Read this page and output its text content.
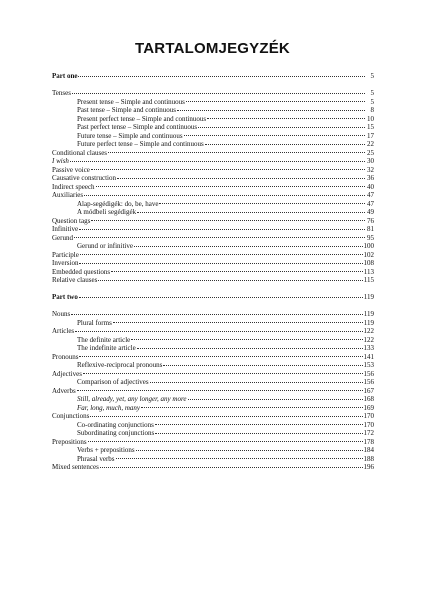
TARTALOMJEGYZÉK
Part one	5
Tenses	5
Present tense – Simple and continuous	5
Past tense – Simple and continuous	8
Present perfect tense – Simple and continuous	10
Past perfect tense – Simple and continuous	15
Future tense – Simple and continuous	17
Future perfect tense – Simple and continuous	22
Conditional clauses	25
I wish	30
Passive voice	32
Causative construction	36
Indirect speech	40
Auxiliaries	47
Alap-segédigék: do, be, have	47
A módbeli segédigék	49
Question tags	76
Infinitive	81
Gerund	95
Gerund or infinitive	100
Participle	102
Inversion	108
Embedded questions	113
Relative clauses	115
Part two	119
Nouns	119
Plural forms	119
Articles	122
The definite article	122
The indefinite article	133
Pronouns	141
Reflexive-reciprocal pronouns	153
Adjectives	156
Comparison of adjectives	156
Adverbs	167
Still, already, yet, any longer, any more	168
Far, long, much, many	169
Conjunctions	170
Co-ordinating conjunctions	170
Subordinating conjunctions	172
Prepositions	178
Verbs + prepositions	184
Phrasal verbs	188
Mixed sentences	196
